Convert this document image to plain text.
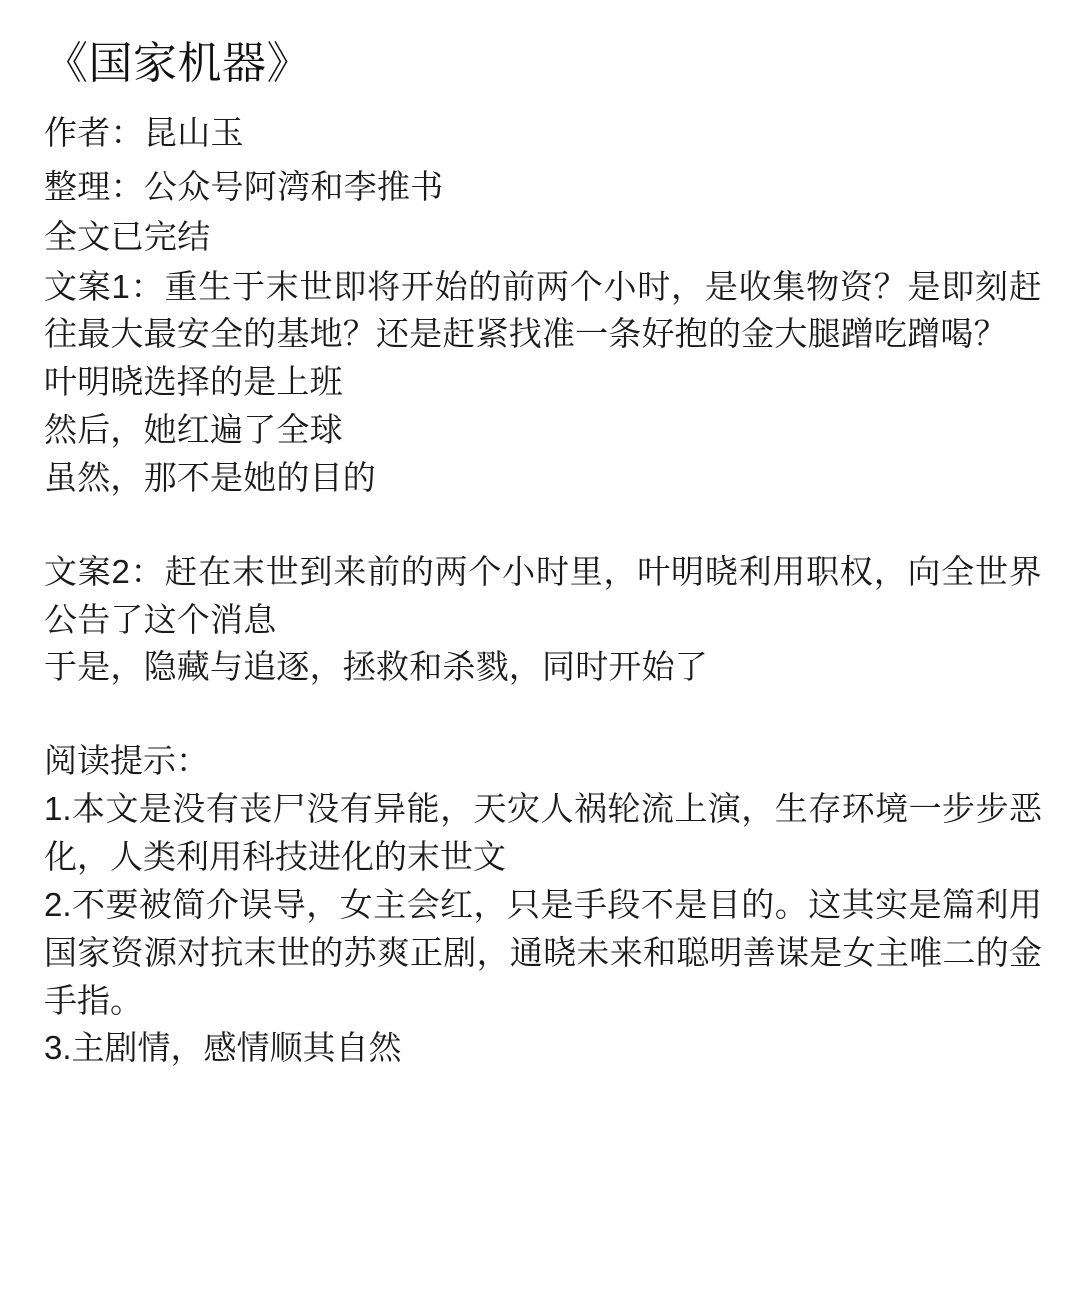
《国家机器》

作者：昆山玉

整理：公众号阿湾和李推书

全文已完结

文案1：重生于末世即将开始的前两个小时，是收集物资？是即刻赶往最大最安全的基地？还是赶紧找准一条好抱的金大腿蹭吃蹭喝？

叶明晓选择的是上班

然后，她红遍了全球

虽然，那不是她的目的

文案2：赶在末世到来前的两个小时里，叶明晓利用职权，向全世界公告了这个消息

于是，隐藏与追逐，拯救和杀戮，同时开始了

阅读提示：

1.本文是没有丧尸没有异能，天灾人祸轮流上演，生存环境一步步恶化，人类利用科技进化的末世文

2.不要被简介误导，女主会红，只是手段不是目的。这其实是篇利用国家资源对抗末世的苏爽正剧，通晓未来和聪明善谋是女主唯二的金手指。

3.主剧情，感情顺其自然
